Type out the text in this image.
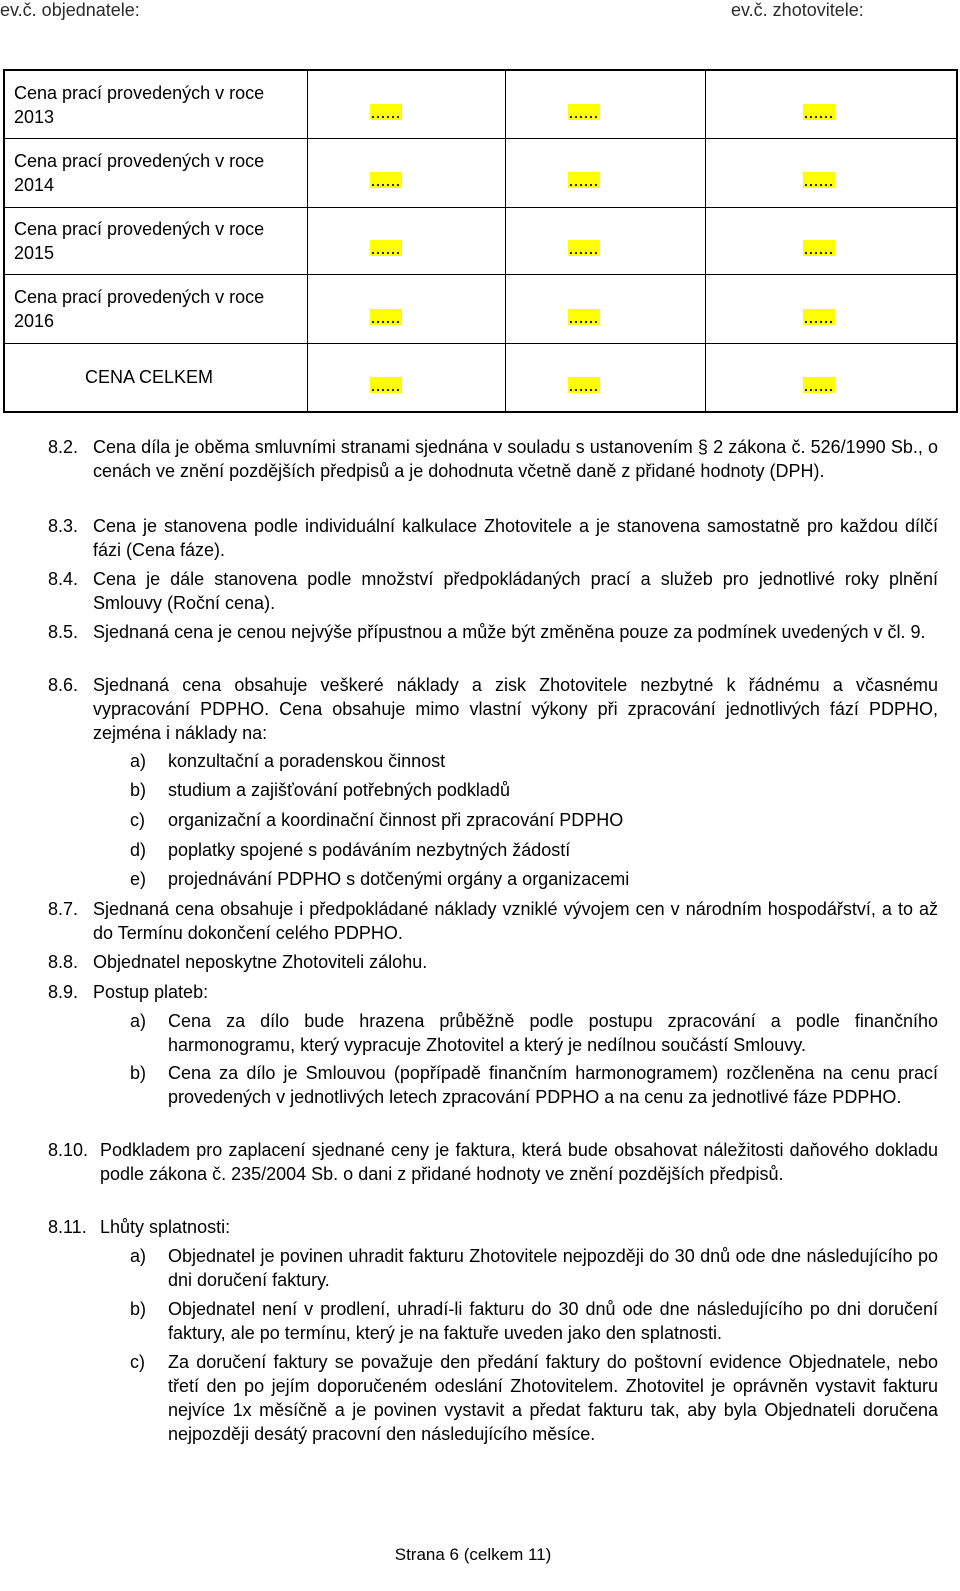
ev.č. objednatele:	ev.č. zhotovitele:
Cena prací provedených v roce 2013	......	......	......
Cena prací provedených v roce 2014	......	......	......
Cena prací provedených v roce 2015	......	......	......
Cena prací provedených v roce 2016	......	......	......
CENA CELKEM	......	......	......
8.2. Cena díla je oběma smluvními stranami sjednána v souladu s ustanovením § 2 zákona č. 526/1990 Sb., o cenách ve znění pozdějších předpisů a je dohodnuta včetně daně z přidané hodnoty (DPH).
8.3. Cena je stanovena podle individuální kalkulace Zhotovitele a je stanovena samostatně pro každou dílčí fázi (Cena fáze).
8.4. Cena je dále stanovena podle množství předpokládaných prací a služeb pro jednotlivé roky plnění Smlouvy (Roční cena).
8.5. Sjednaná cena je cenou nejvýše přípustnou a může být změněna pouze za podmínek uvedených v čl. 9.
8.6. Sjednaná cena obsahuje veškeré náklady a zisk Zhotovitele nezbytné k řádnému a včasnému vypracování PDPHO. Cena obsahuje mimo vlastní výkony při zpracování jednotlivých fází PDPHO, zejména i náklady na:
a) konzultační a poradenskou činnost
b) studium a zajišťování potřebných podkladů
c) organizační a koordinační činnost při zpracování PDPHO
d) poplatky spojené s podáváním nezbytných žádostí
e) projednávání PDPHO s dotčenými orgány a organizacemi
8.7. Sjednaná cena obsahuje i předpokládané náklady vzniklé vývojem cen v národním hospodářství, a to až do Termínu dokončení celého PDPHO.
8.8. Objednatel neposkytne Zhotoviteli zálohu.
8.9. Postup plateb:
a) Cena za dílo bude hrazena průběžně podle postupu zpracování a podle finančního harmonogramu, který vypracuje Zhotovitel a který je nedílnou součástí Smlouvy.
b) Cena za dílo je Smlouvou (popřípadě finančním harmonogramem) rozčleněna na cenu prací provedených v jednotlivých letech zpracování PDPHO a na cenu za jednotlivé fáze PDPHO.
8.10. Podkladem pro zaplacení sjednané ceny je faktura, která bude obsahovat náležitosti daňového dokladu podle zákona č. 235/2004 Sb. o dani z přidané hodnoty ve znění pozdějších předpisů.
8.11. Lhůty splatnosti:
a) Objednatel je povinen uhradit fakturu Zhotovitele nejpozději do 30 dnů ode dne následujícího po dni doručení faktury.
b) Objednatel není v prodlení, uhradí-li fakturu do 30 dnů ode dne následujícího po dni doručení faktury, ale po termínu, který je na faktuře uveden jako den splatnosti.
c) Za doručení faktury se považuje den předání faktury do poštovní evidence Objednatele, nebo třetí den po jejím doporučeném odeslání Zhotovitelem. Zhotovitel je oprávněn vystavit fakturu nejvíce 1x měsíčně a je povinen vystavit a předat fakturu tak, aby byla Objednateli doručena nejpozději desátý pracovní den následujícího měsíce.
Strana 6 (celkem 11)
